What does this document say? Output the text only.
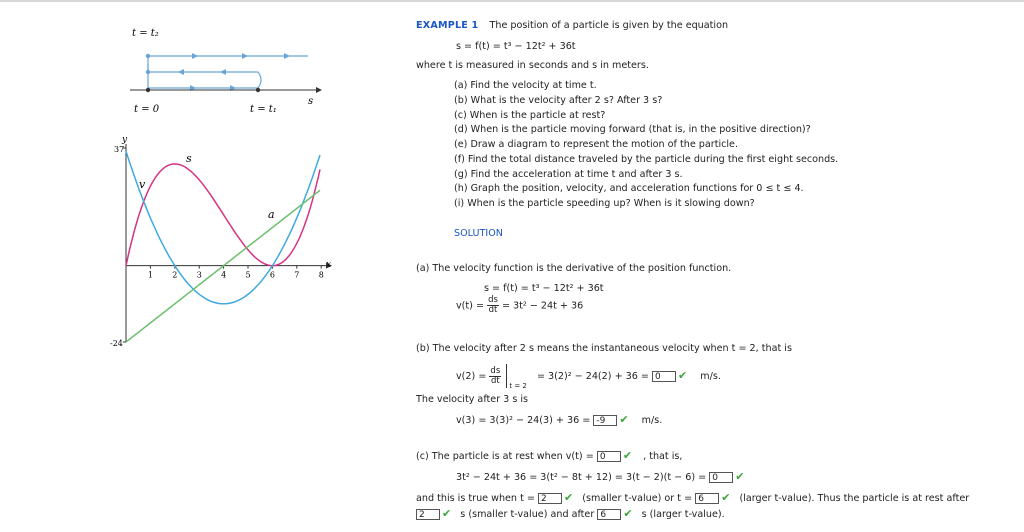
t = t₂
s
t = 0	t = t₁
1 2 3 4 5 6 7 8
y
37
-24
x
s
v
a
EXAMPLE 1 The position of a particle is given by the equation
s = f(t) = t³ − 12t² + 36t
where t is measured in seconds and s in meters.
(a) Find the velocity at time t.
(b) What is the velocity after 2 s? After 3 s?
(c) When is the particle at rest?
(d) When is the particle moving forward (that is, in the positive direction)?
(e) Draw a diagram to represent the motion of the particle.
(f) Find the total distance traveled by the particle during the first eight seconds.
(g) Find the acceleration at time t and after 3 s.
(h) Graph the position, velocity, and acceleration functions for 0 ≤ t ≤ 4.
(i) When is the particle speeding up? When is it slowing down?
SOLUTION
(a) The velocity function is the derivative of the position function.
s = f(t) = t³ − 12t² + 36t
$v(t) = \frac{ds}{dt} = 3t^2 - 24t + 36$
(b) The velocity after 2 s means the instantaneous velocity when t = 2, that is
$v(2) = \frac{ds}{dt}$
$_{t = 2}$ = 3(2)² − 24(2) + 36 = 0 ✔ m/s.
The velocity after 3 s is
v(3) = 3(3)² − 24(3) + 36 = -9 ✔ m/s.
(c) The particle is at rest when v(t) = 0 ✔ , that is,
3t² − 24t + 36 = 3(t² − 8t + 12) = 3(t − 2)(t − 6) = 0 ✔
and this is true when t = 2 ✔ (smaller t-value) or t = 6 ✔ (larger t-value). Thus the particle is at rest after
2 ✔ s (smaller t-value) and after 6 ✔ s (larger t-value).
